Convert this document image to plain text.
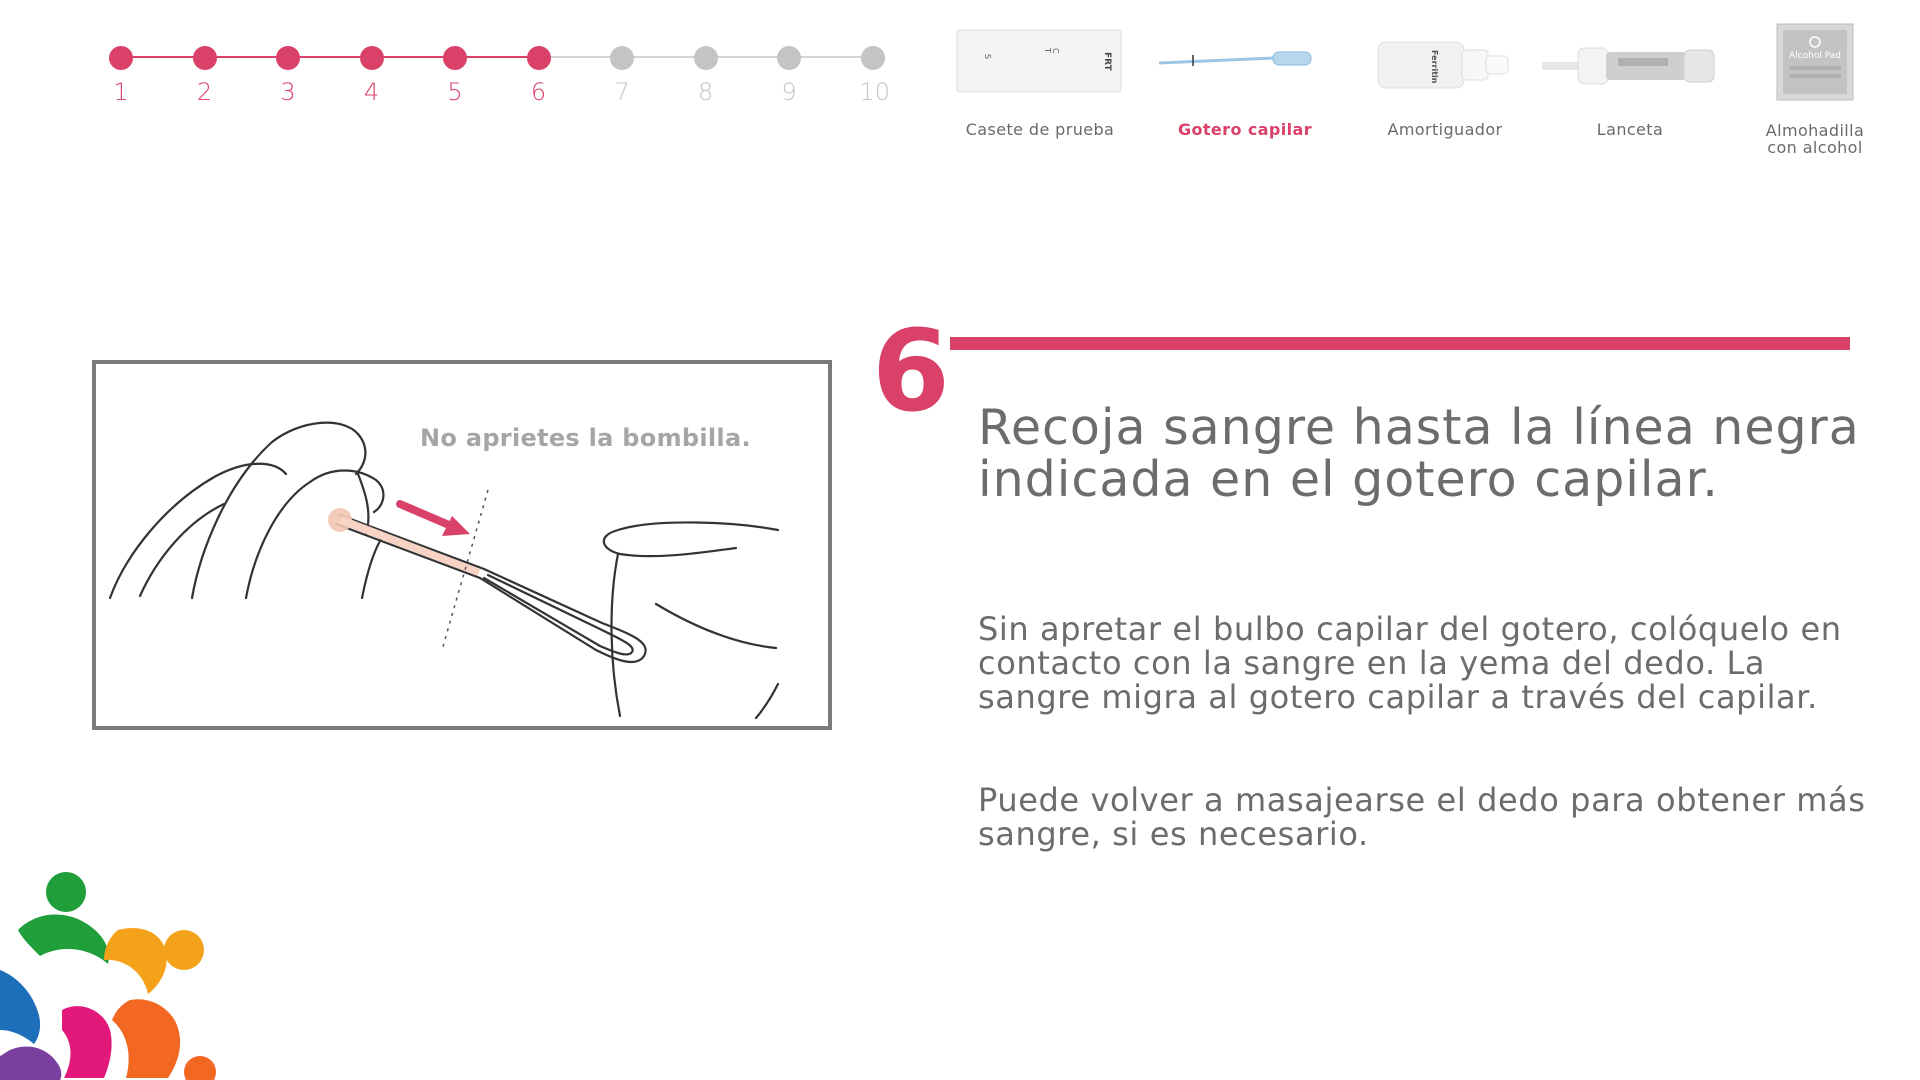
1	2	3	4	5	6	7	8	9	10
S
C
T
FRT
Casete de prueba	Gotero capilar
Ferritin
Amortiguador	Lanceta
Alcohol Pad
Almohadilla con alcohol
No aprietes la bombilla.
6 Recoja sangre hasta la línea negra indicada en el gotero capilar.

Sin apretar el bulbo capilar del gotero, colóquelo en contacto con la sangre en la yema del dedo. La sangre migra al gotero capilar a través del capilar.

Puede volver a masajearse el dedo para obtener más sangre, si es necesario.
